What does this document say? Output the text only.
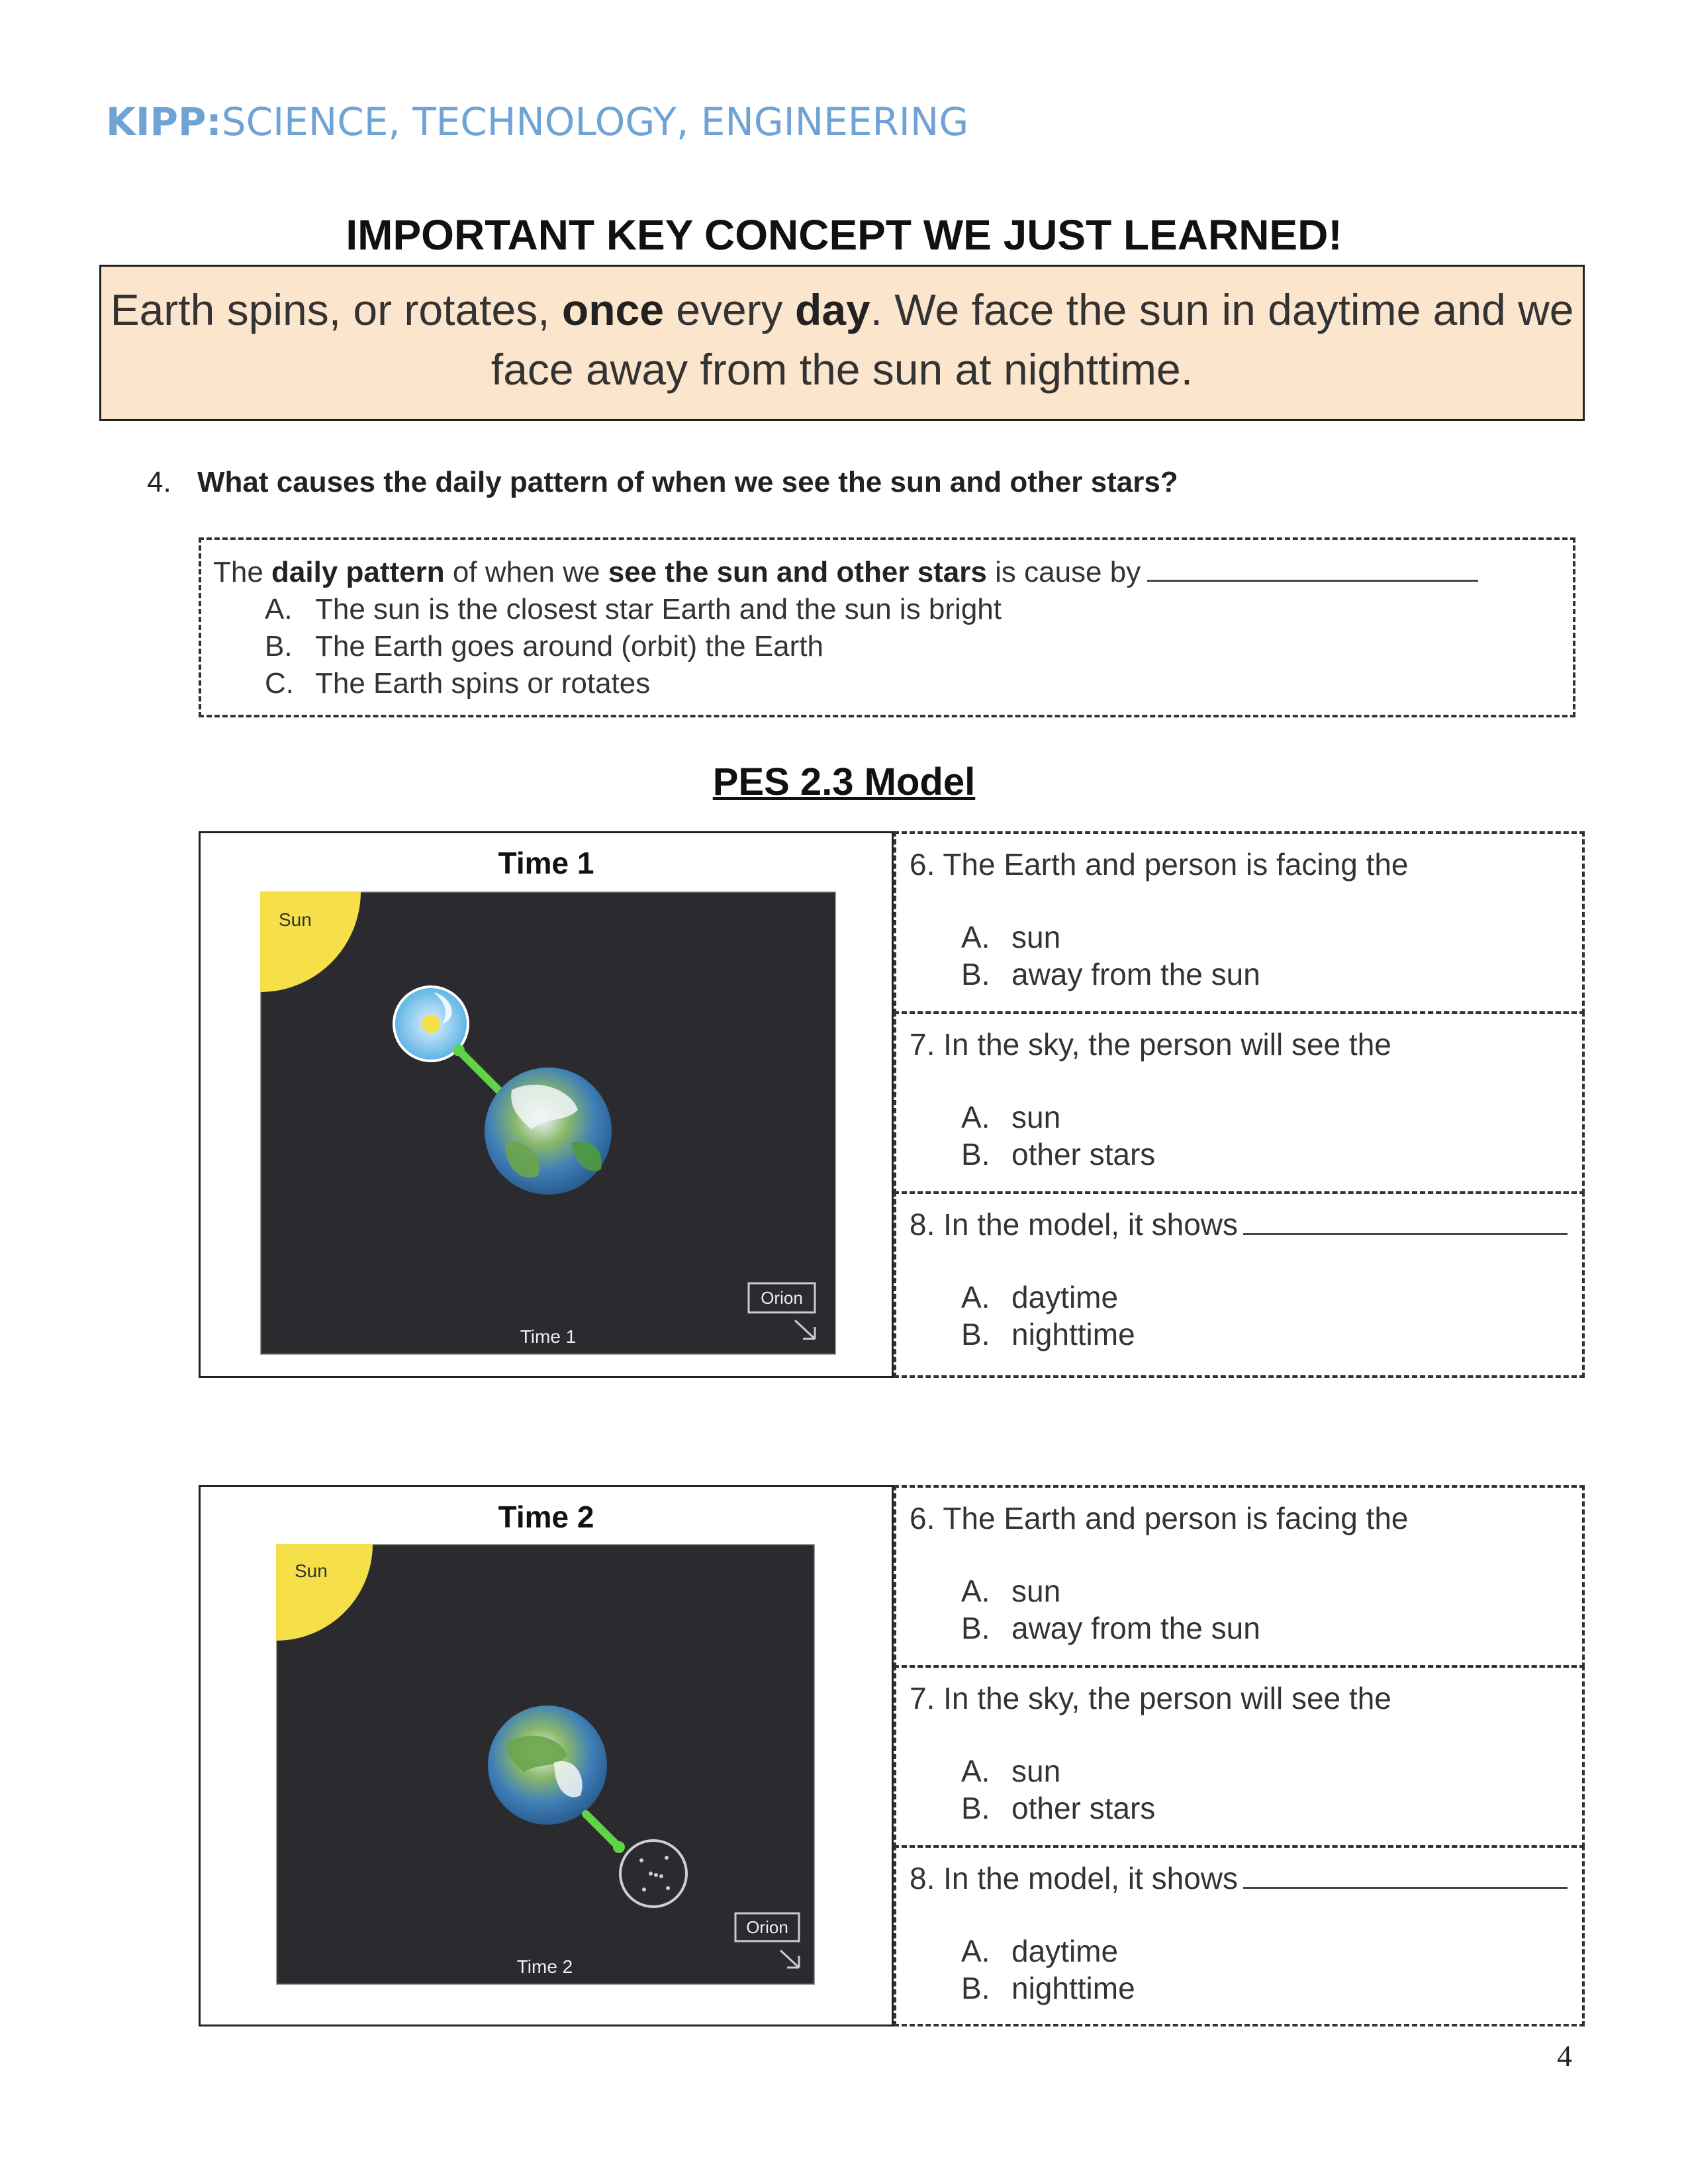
KIPP:SCIENCE, TECHNOLOGY, ENGINEERING
IMPORTANT KEY CONCEPT WE JUST LEARNED!
Earth spins, or rotates, once every day. We face the sun in daytime and we face away from the sun at nighttime.
4. What causes the daily pattern of when we see the sun and other stars?
The daily pattern of when we see the sun and other stars is cause by
A. The sun is the closest star Earth and the sun is bright
B. The Earth goes around (orbit) the Earth
C. The Earth spins or rotates
PES 2.3 Model
Time 1
Sun
Orion
Time 1
6. The Earth and person is facing the
A. sun
B. away from the sun
7. In the sky, the person will see the
A. sun
B. other stars
8. In the model, it shows
A. daytime
B. nighttime
Time 2
Sun
Orion
Time 2
6. The Earth and person is facing the
A. sun
B. away from the sun
7. In the sky, the person will see the
A. sun
B. other stars
8. In the model, it shows
A. daytime
B. nighttime
4
